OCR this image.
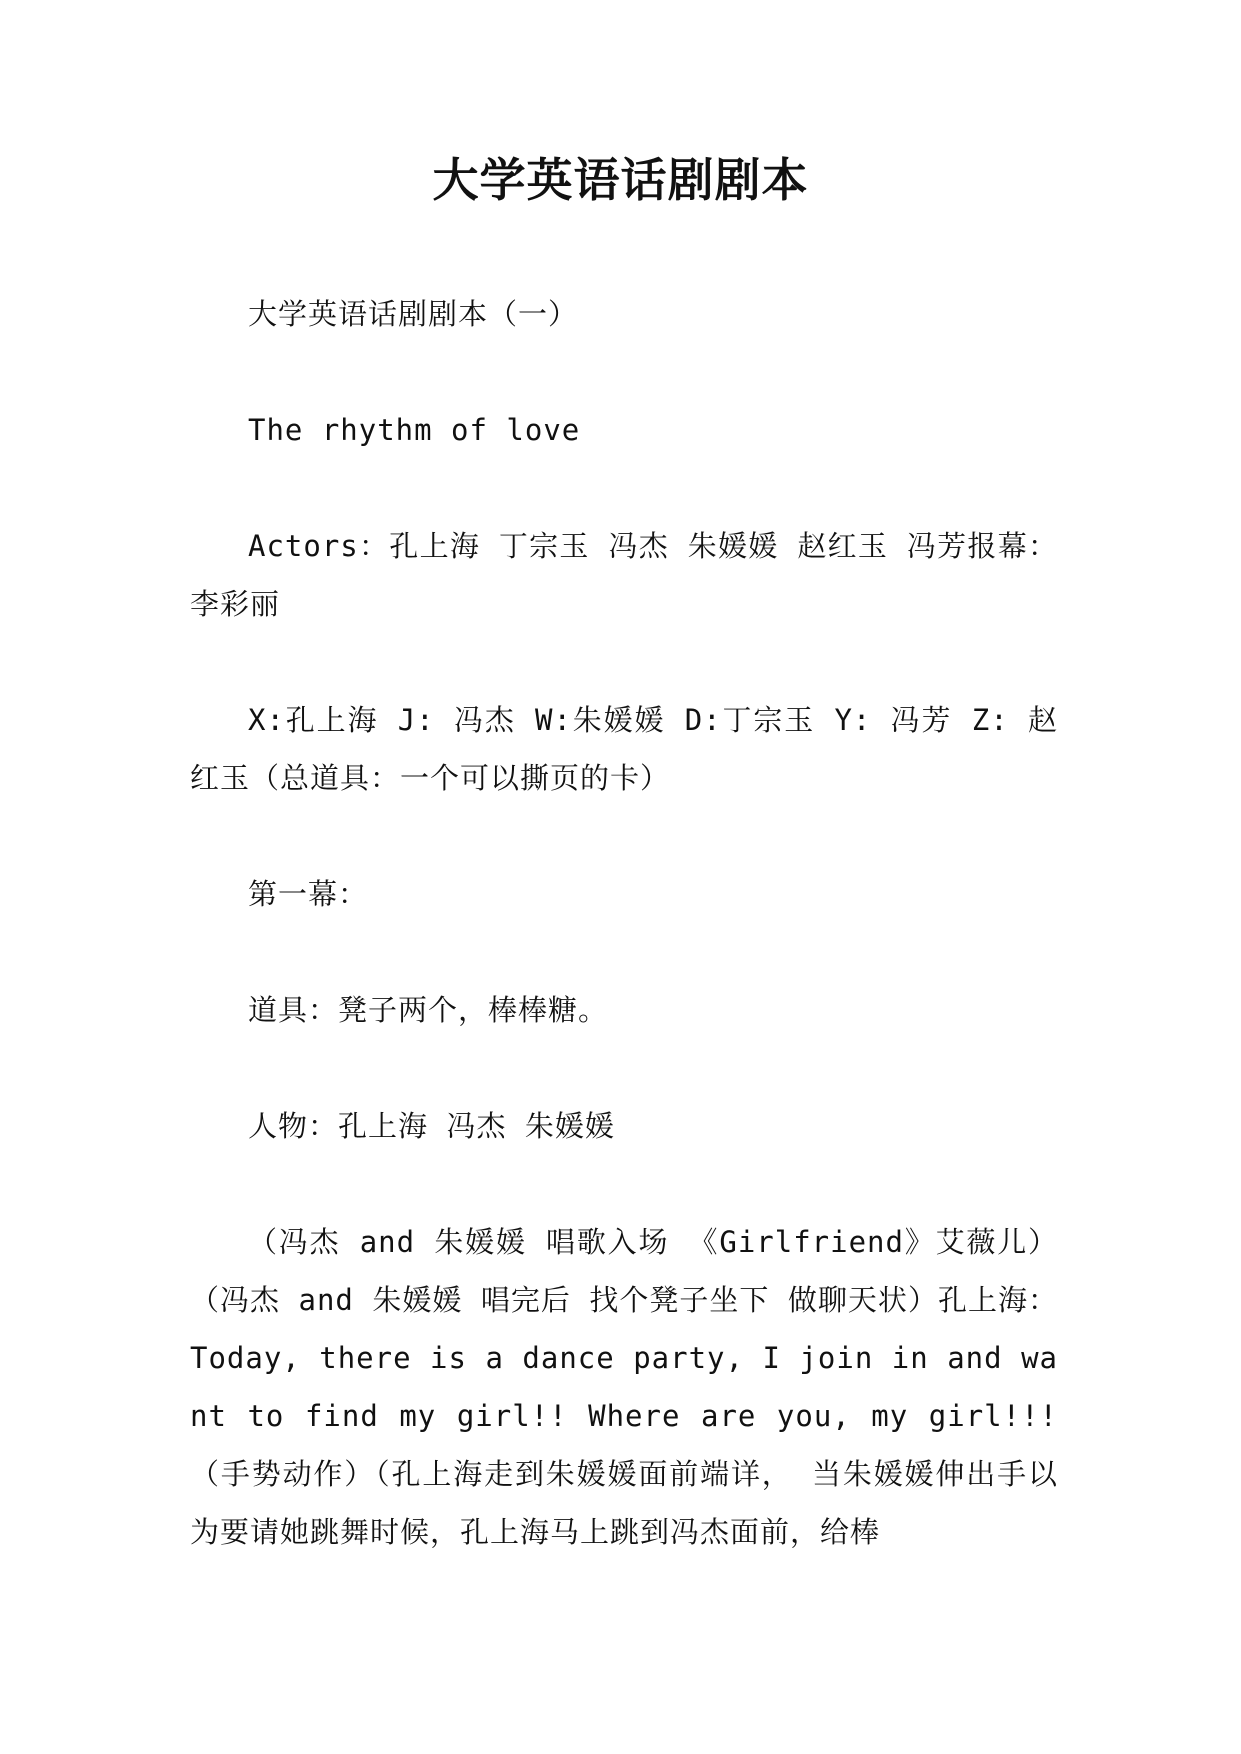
大学英语话剧剧本

大学英语话剧剧本（一）

The rhythm of love

Actors：孔上海 丁宗玉 冯杰 朱媛媛 赵红玉 冯芳报幕：李彩丽

X:孔上海 J: 冯杰 W:朱媛媛 D:丁宗玉 Y: 冯芳 Z: 赵红玉（总道具：一个可以撕页的卡）

第一幕：

道具：凳子两个，棒棒糖。

人物：孔上海 冯杰 朱媛媛

（冯杰 and 朱媛媛 唱歌入场 《Girlfriend》艾薇儿）（冯杰 and 朱媛媛 唱完后 找个凳子坐下 做聊天状）孔上海： Today, there is a dance party, I join in and want to find my girl!! Where are you, my girl!!!（手势动作）（孔上海走到朱媛媛面前端详， 当朱媛媛伸出手以为要请她跳舞时候，孔上海马上跳到冯杰面前，给棒
